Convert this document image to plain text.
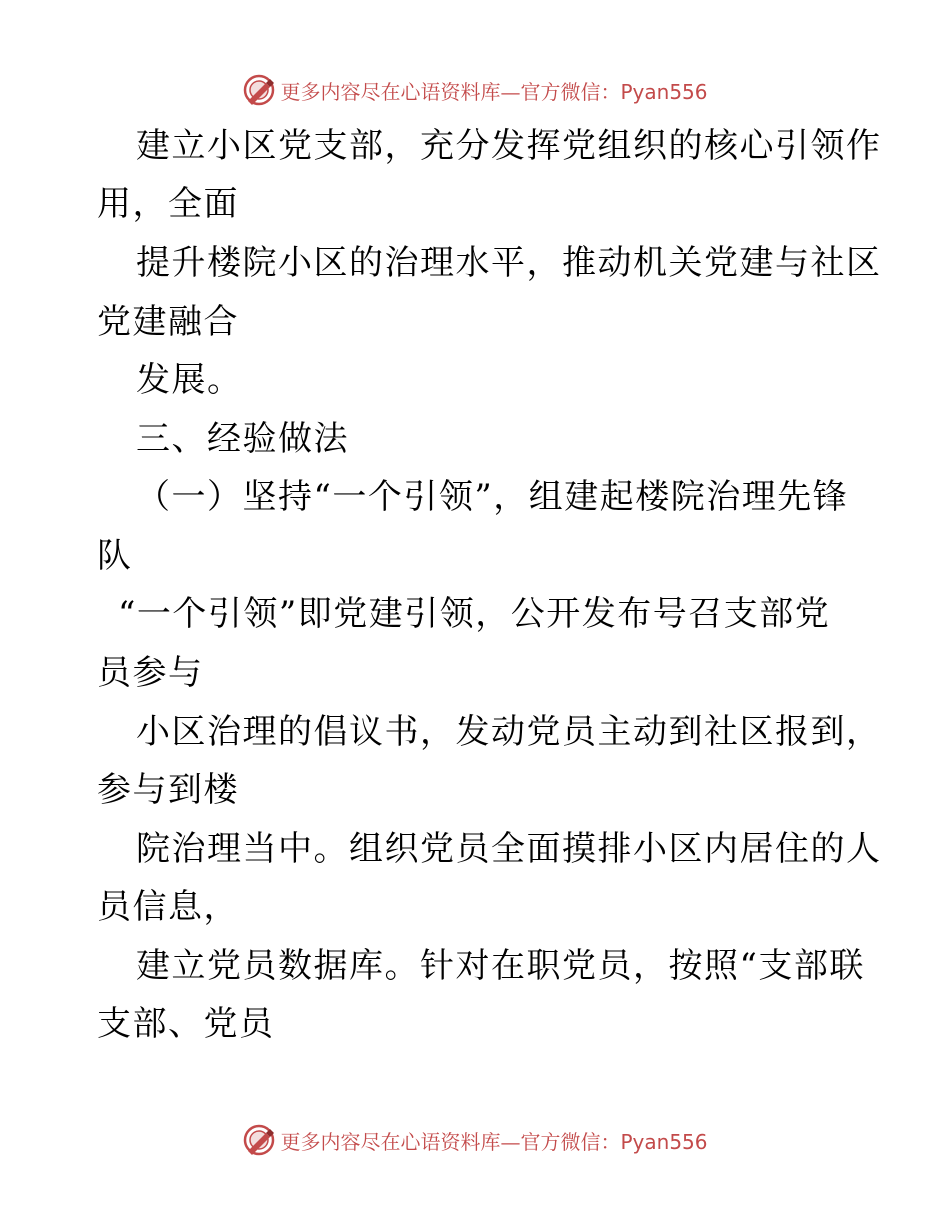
更多内容尽在心语资料库—官方微信：Pyan556
建立小区党支部，充分发挥党组织的核心引领作
用，全面
提升楼院小区的治理水平，推动机关党建与社区
党建融合
发展。
三、经验做法
（一）坚持“一个引领”，组建起楼院治理先锋
队
“一个引领”即党建引领，公开发布号召支部党
员参与
小区治理的倡议书，发动党员主动到社区报到，
参与到楼
院治理当中。组织党员全面摸排小区内居住的人
员信息，
建立党员数据库。针对在职党员，按照“支部联
支部、党员
更多内容尽在心语资料库—官方微信：Pyan556
